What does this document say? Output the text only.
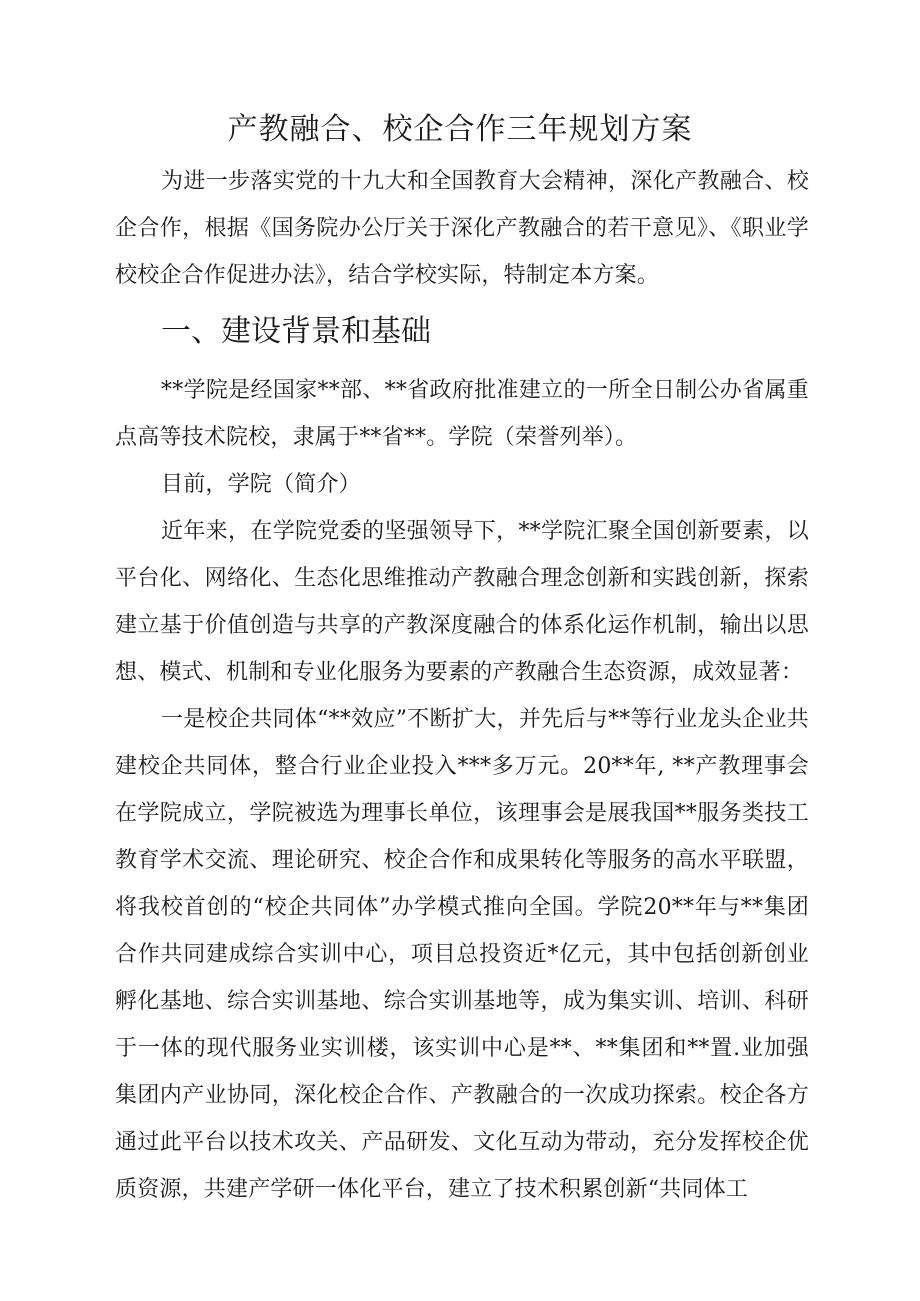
产教融合、校企合作三年规划方案

为进一步落实党的十九大和全国教育大会精神，深化产教融合、校企合作，根据《国务院办公厅关于深化产教融合的若干意见》、《职业学校校企合作促进办法》，结合学校实际，特制定本方案。

一、建设背景和基础

**学院是经国家**部、**省政府批准建立的一所全日制公办省属重点高等技术院校，隶属于**省**。学院（荣誉列举）。

目前，学院（简介）

近年来，在学院党委的坚强领导下，**学院汇聚全国创新要素，以平台化、网络化、生态化思维推动产教融合理念创新和实践创新，探索建立基于价值创造与共享的产教深度融合的体系化运作机制，输出以思想、模式、机制和专业化服务为要素的产教融合生态资源，成效显著：

一是校企共同体“**效应”不断扩大，并先后与**等行业龙头企业共建校企共同体，整合行业企业投入***多万元。20**年, **产教理事会在学院成立，学院被选为理事长单位，该理事会是展我国**服务类技工教育学术交流、理论研究、校企合作和成果转化等服务的高水平联盟，将我校首创的“校企共同体”办学模式推向全国。学院20**年与**集团合作共同建成综合实训中心，项目总投资近*亿元，其中包括创新创业孵化基地、综合实训基地、综合实训基地等，成为集实训、培训、科研于一体的现代服务业实训楼，该实训中心是**、**集团和**置.业加强集团内产业协同，深化校企合作、产教融合的一次成功探索。校企各方通过此平台以技术攻关、产品研发、文化互动为带动，充分发挥校企优质资源，共建产学研一体化平台，建立了技术积累创新“共同体工
